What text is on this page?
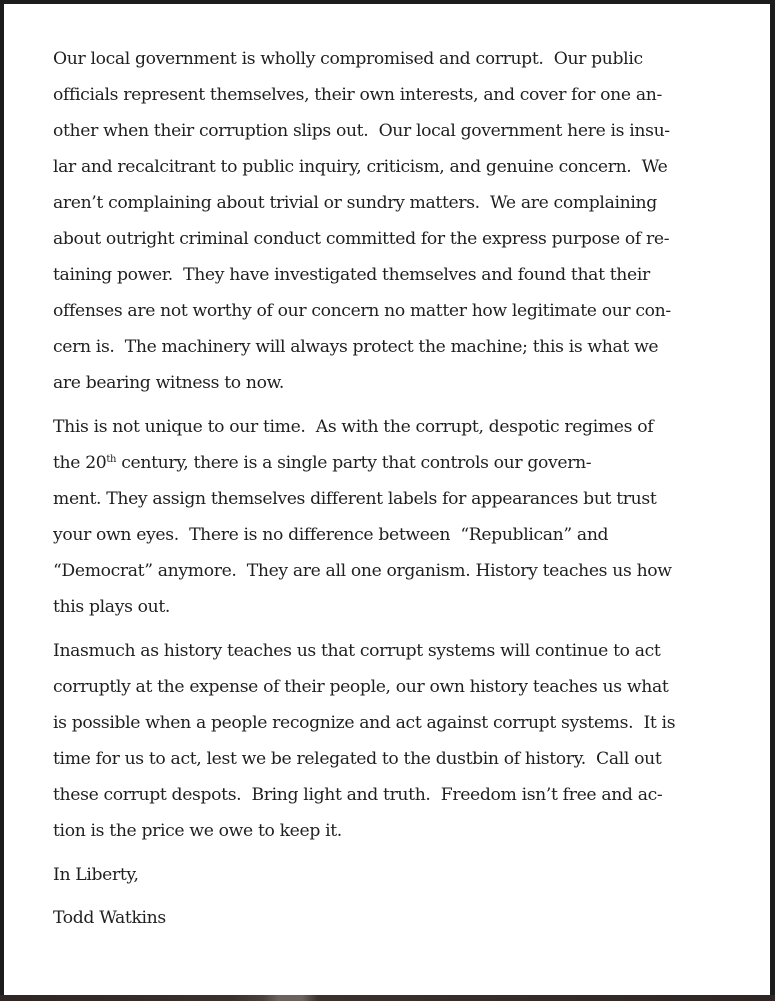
Our local government is wholly compromised and corrupt.  Our public
officials represent themselves, their own interests, and cover for one an-
other when their corruption slips out.  Our local government here is insu-
lar and recalcitrant to public inquiry, criticism, and genuine concern.  We
aren’t complaining about trivial or sundry matters.  We are complaining
about outright criminal conduct committed for the express purpose of re-
taining power.  They have investigated themselves and found that their
offenses are not worthy of our concern no matter how legitimate our con-
cern is.  The machinery will always protect the machine; this is what we
are bearing witness to now.
This is not unique to our time.  As with the corrupt, despotic regimes of
the 20th century, there is a single party that controls our govern-
ment. They assign themselves different labels for appearances but trust
your own eyes.  There is no difference between  “Republican” and
“Democrat” anymore.  They are all one organism. History teaches us how
this plays out.
Inasmuch as history teaches us that corrupt systems will continue to act
corruptly at the expense of their people, our own history teaches us what
is possible when a people recognize and act against corrupt systems.  It is
time for us to act, lest we be relegated to the dustbin of history.  Call out
these corrupt despots.  Bring light and truth.  Freedom isn’t free and ac-
tion is the price we owe to keep it.
In Liberty,
Todd Watkins
